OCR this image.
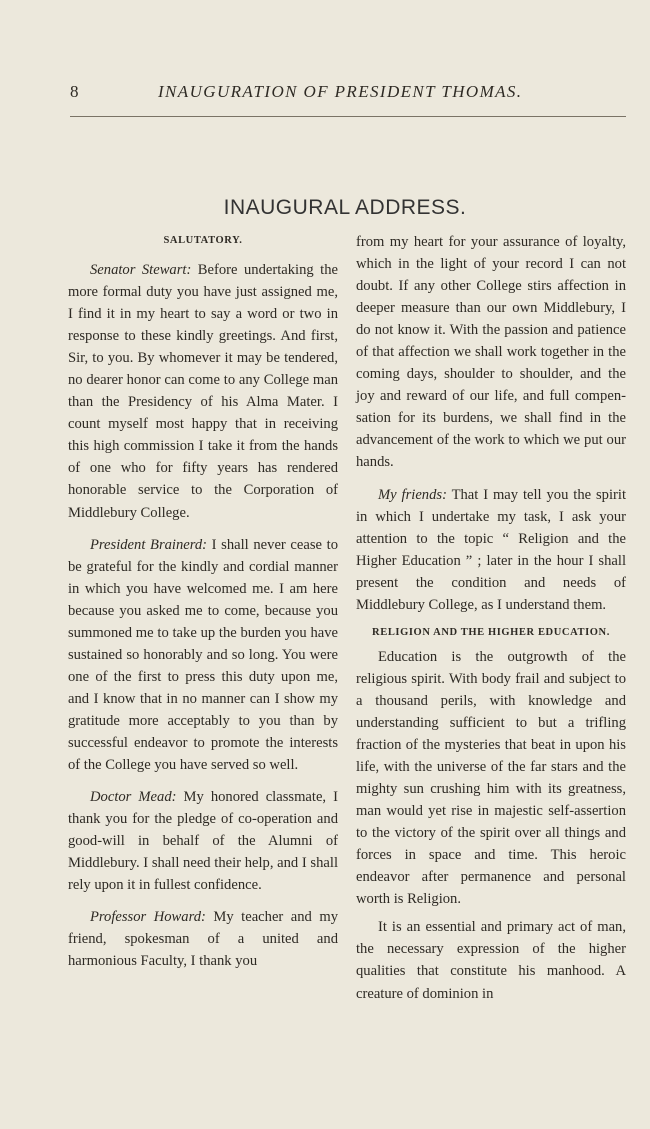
8	INAUGURATION OF PRESIDENT THOMAS.
INAUGURAL ADDRESS.
SALUTATORY.

Senator Stewart: Before undertaking the more formal duty you have just assigned me, I find it in my heart to say a word or two in response to these kindly greetings. And first, Sir, to you. By whomever it may be tendered, no dearer honor can come to any College man than the Presidency of his Alma Mater. I count myself most happy that in receiving this high commission I take it from the hands of one who for fifty years has rendered honorable service to the Corporation of Middlebury College.

President Brainerd: I shall never cease to be grateful for the kindly and cordial manner in which you have welcomed me. I am here because you asked me to come, because you summoned me to take up the burden you have sustained so honorably and so long. You were one of the first to press this duty upon me, and I know that in no manner can I show my gratitude more acceptably to you than by successful endeavor to promote the interests of the College you have served so well.

Doctor Mead: My honored classmate, I thank you for the pledge of co-operation and good-will in behalf of the Alumni of Middlebury. I shall need their help, and I shall rely upon it in fullest confidence.

Professor Howard: My teacher and my friend, spokesman of a united and harmonious Faculty, I thank you

from my heart for your assurance of loyalty, which in the light of your record I can not doubt. If any other College stirs affection in deeper measure than our own Middlebury, I do not know it. With the passion and patience of that affection we shall work together in the coming days, shoulder to shoulder, and the joy and reward of our life, and full compensation for its burdens, we shall find in the advancement of the work to which we put our hands.

My friends: That I may tell you the spirit in which I undertake my task, I ask your attention to the topic “ Religion and the Higher Education ” ; later in the hour I shall present the condition and needs of Middlebury College, as I understand them.

RELIGION AND THE HIGHER EDUCATION.

Education is the outgrowth of the religious spirit. With body frail and subject to a thousand perils, with knowledge and understanding sufficient to but a trifling fraction of the mysteries that beat in upon his life, with the universe of the far stars and the mighty sun crushing him with its greatness, man would yet rise in majestic self-assertion to the victory of the spirit over all things and forces in space and time. This heroic endeavor after permanence and personal worth is Religion.

It is an essential and primary act of man, the necessary expression of the higher qualities that constitute his manhood. A creature of dominion in
